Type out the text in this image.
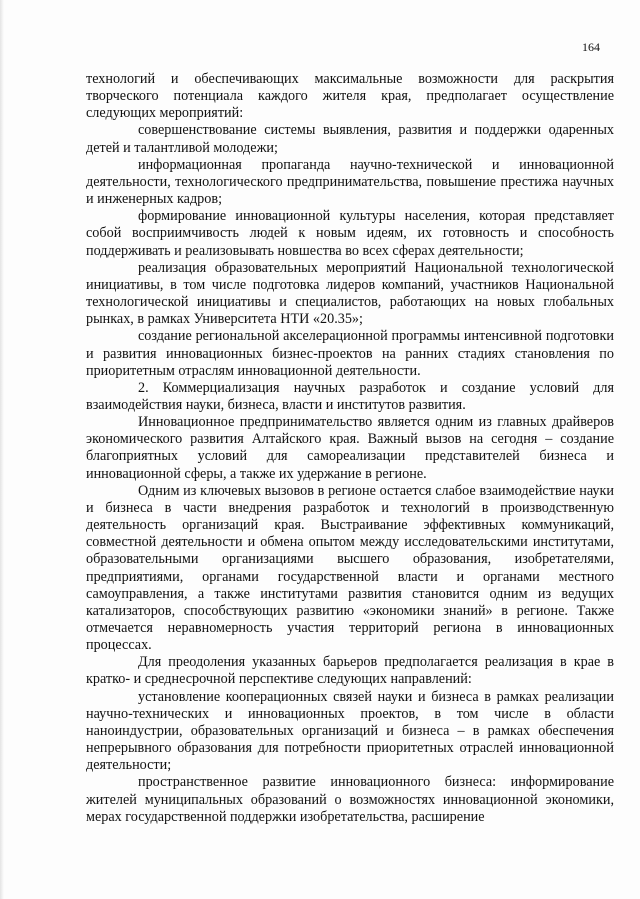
164

технологий и обеспечивающих максимальные возможности для раскрытия творческого потенциала каждого жителя края, предполагает осуществление следующих мероприятий:

совершенствование системы выявления, развития и поддержки одаренных детей и талантливой молодежи;

информационная пропаганда научно-технической и инновационной деятельности, технологического предпринимательства, повышение престижа научных и инженерных кадров;

формирование инновационной культуры населения, которая представляет собой восприимчивость людей к новым идеям, их готовность и способность поддерживать и реализовывать новшества во всех сферах деятельности;

реализация образовательных мероприятий Национальной технологической инициативы, в том числе подготовка лидеров компаний, участников Национальной технологической инициативы и специалистов, работающих на новых глобальных рынках, в рамках Университета НТИ «20.35»;

создание региональной акселерационной программы интенсивной подготовки и развития инновационных бизнес-проектов на ранних стадиях становления по приоритетным отраслям инновационной деятельности.

2. Коммерциализация научных разработок и создание условий для взаимодействия науки, бизнеса, власти и институтов развития.

Инновационное предпринимательство является одним из главных драйверов экономического развития Алтайского края. Важный вызов на сегодня – создание благоприятных условий для самореализации представителей бизнеса и инновационной сферы, а также их удержание в регионе.

Одним из ключевых вызовов в регионе остается слабое взаимодействие науки и бизнеса в части внедрения разработок и технологий в производственную деятельность организаций края. Выстраивание эффективных коммуникаций, совместной деятельности и обмена опытом между исследовательскими институтами, образовательными организациями высшего образования, изобретателями, предприятиями, органами государственной власти и органами местного самоуправления, а также институтами развития становится одним из ведущих катализаторов, способствующих развитию «экономики знаний» в регионе. Также отмечается неравномерность участия территорий региона в инновационных процессах.

Для преодоления указанных барьеров предполагается реализация в крае в кратко- и среднесрочной перспективе следующих направлений:

установление кооперационных связей науки и бизнеса в рамках реализации научно-технических и инновационных проектов, в том числе в области наноиндустрии, образовательных организаций и бизнеса – в рамках обеспечения непрерывного образования для потребности приоритетных отраслей инновационной деятельности;

пространственное развитие инновационного бизнеса: информирование жителей муниципальных образований о возможностях инновационной экономики, мерах государственной поддержки изобретательства, расширение
